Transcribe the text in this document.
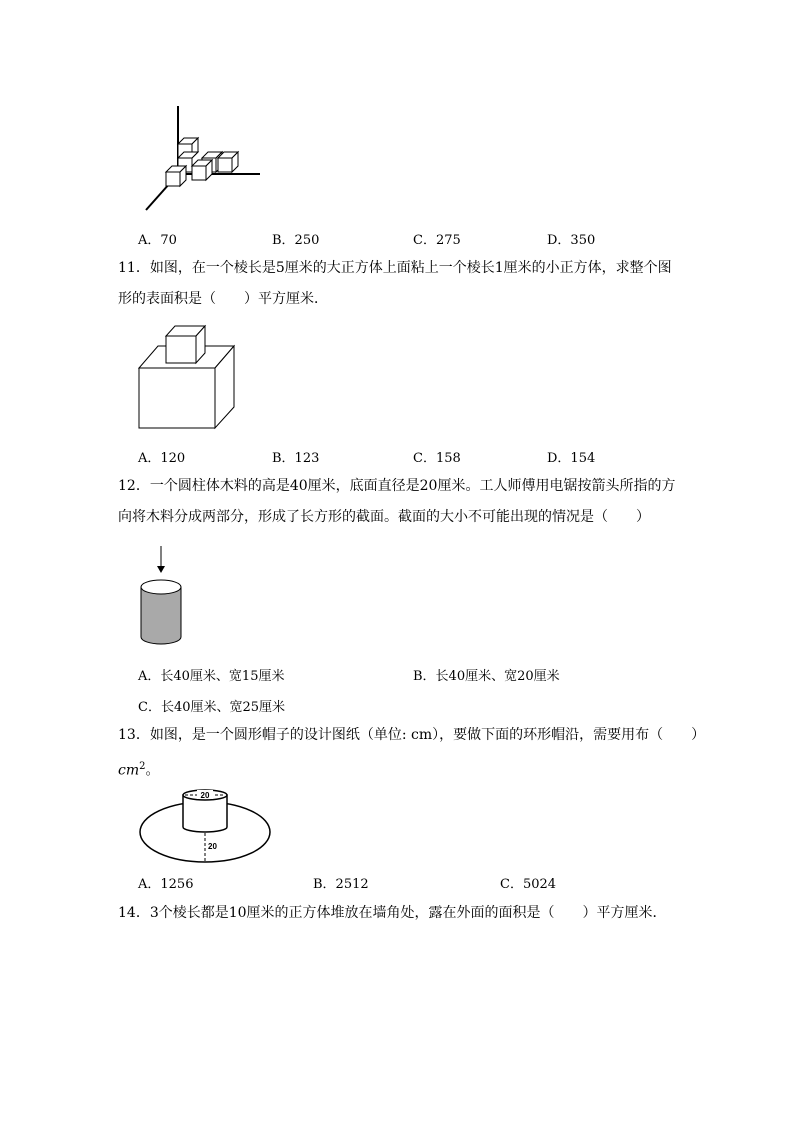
A．70	B．250	C．275	D．350
11．如图，在一个棱长是5厘米的大正方体上面粘上一个棱长1厘米的小正方体，求整个图
形的表面积是（　　）平方厘米．
A．120	B．123	C．158	D．154
12．一个圆柱体木料的高是40厘米，底面直径是20厘米。工人师傅用电锯按箭头所指的方
向将木料分成两部分，形成了长方形的截面。截面的大小不可能出现的情况是（　　）
A．长40厘米、宽15厘米	B．长40厘米、宽20厘米
C．长40厘米、宽25厘米
13．如图，是一个圆形帽子的设计图纸（单位: cm），要做下面的环形帽沿，需要用布（　　）
$cm^2$。
20
20
A．1256	B．2512	C．5024
14．3个棱长都是10厘米的正方体堆放在墙角处，露在外面的面积是（　　）平方厘米．
